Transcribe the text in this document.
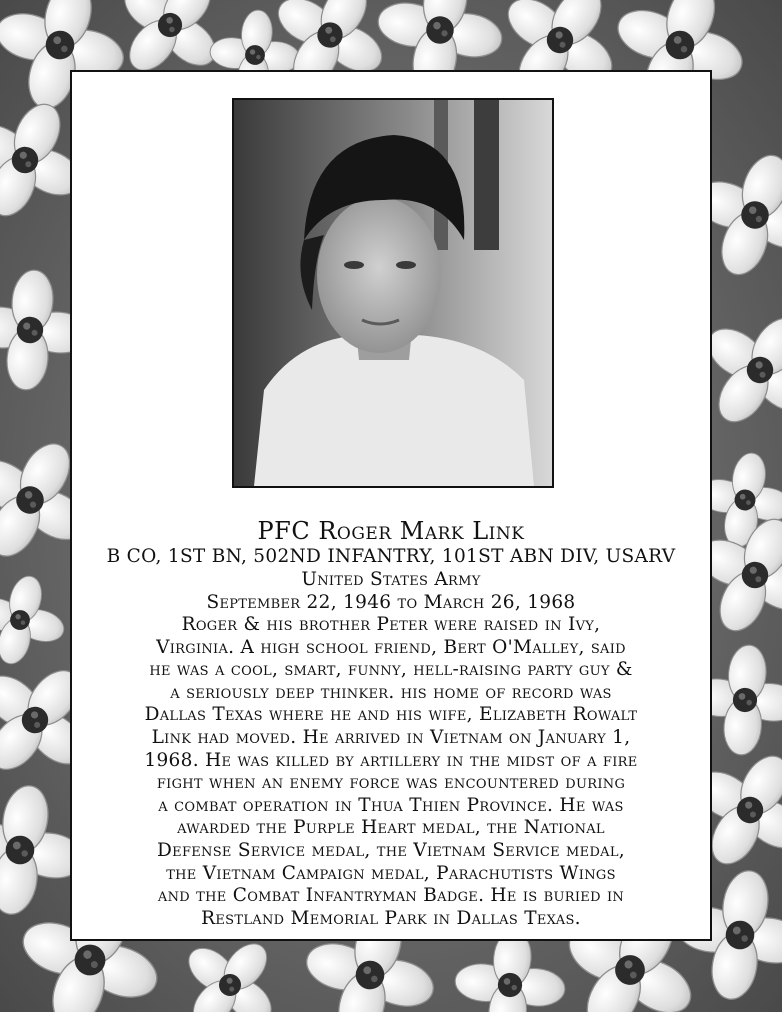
PFC Roger Mark Link
B CO, 1ST BN, 502ND INFANTRY, 101ST ABN DIV, USARV
United States Army
September 22, 1946 to March 26, 1968
Roger & his brother Peter were raised in Ivy,
Virginia. A high school friend, Bert O'Malley, said
he was a cool, smart, funny, hell-raising party guy &
a seriously deep thinker. his home of record was
Dallas Texas where he and his wife, Elizabeth Rowalt
Link had moved. He arrived in Vietnam on January 1,
1968. He was killed by artillery in the midst of a fire
fight when an enemy force was encountered during
a combat operation in Thua Thien Province. He was
awarded the Purple Heart medal, the National
Defense Service medal, the Vietnam Service medal,
the Vietnam Campaign medal, Parachutists Wings
and the Combat Infantryman Badge. He is buried in
Restland Memorial Park in Dallas Texas.
